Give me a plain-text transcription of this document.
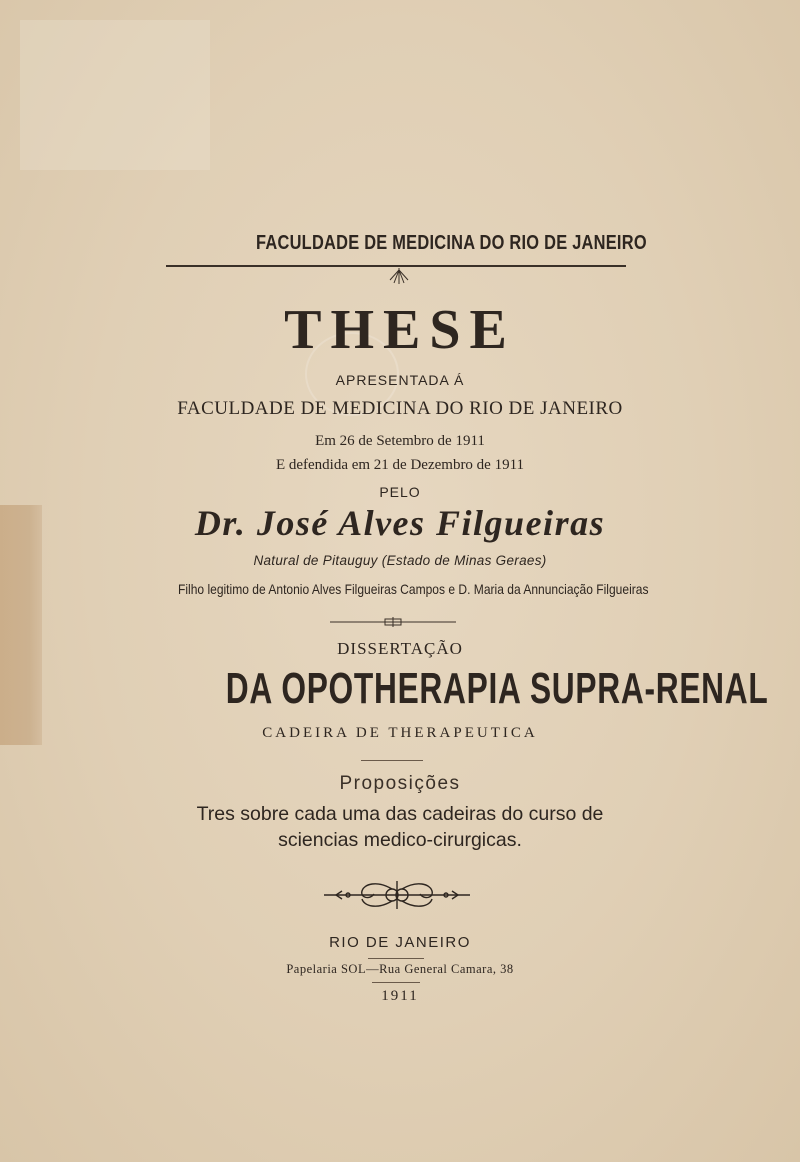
FACULDADE DE MEDICINA DO RIO DE JANEIRO
THESE
APRESENTADA Á
FACULDADE DE MEDICINA DO RIO DE JANEIRO
Em 26 de Setembro de 1911
E defendida em 21 de Dezembro de 1911
PELO
Dr. José Alves Filgueiras
Natural de Pitauguy (Estado de Minas Geraes)
Filho legitimo de Antonio Alves Filgueiras Campos e D. Maria da Annunciação Filgueiras
DISSERTAÇÃO
DA OPOTHERAPIA SUPRA-RENAL
CADEIRA DE THERAPEUTICA
Proposições
Tres sobre cada uma das cadeiras do curso de
sciencias medico-cirurgicas.
RIO DE JANEIRO
Papelaria SOL—Rua General Camara, 38
1911
